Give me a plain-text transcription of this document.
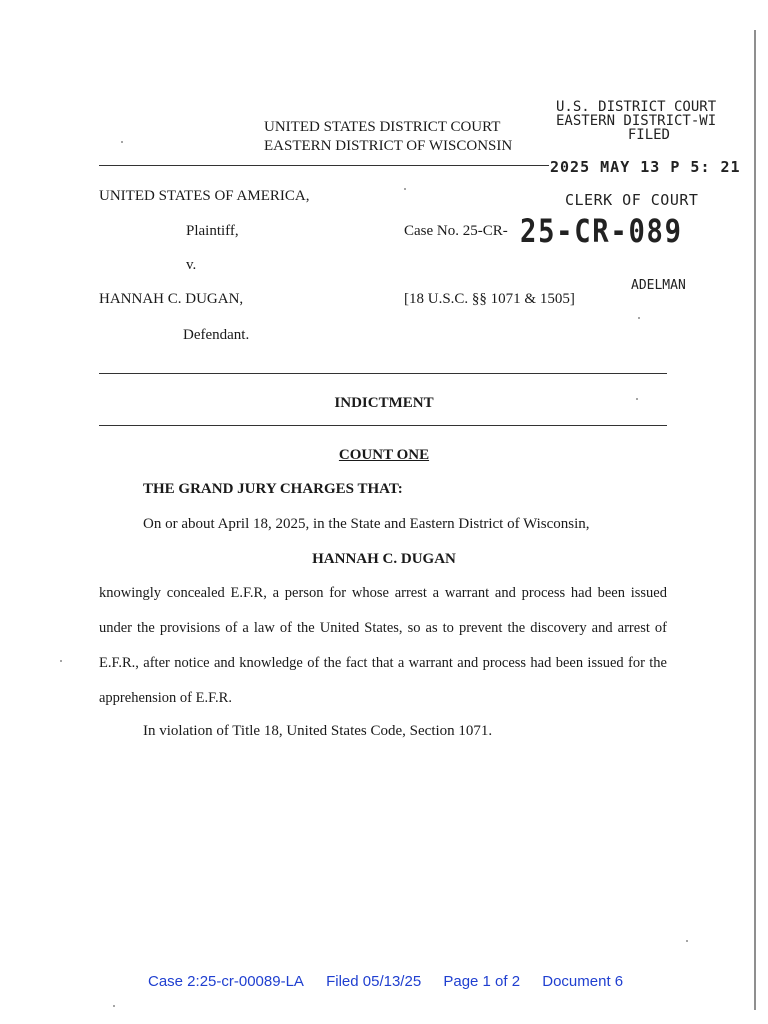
UNITED STATES DISTRICT COURT
EASTERN DISTRICT OF WISCONSIN
U.S. DISTRICT COURT
EASTERN DISTRICT-WI
FILED
2025 MAY 13 P 5: 21
CLERK OF COURT
UNITED STATES OF AMERICA,
Plaintiff,	Case No. 25-CR- 25-CR-089
v.
ADELMAN
HANNAH C. DUGAN,	[18 U.S.C. §§ 1071 & 1505]
Defendant.
INDICTMENT
COUNT ONE
THE GRAND JURY CHARGES THAT:
On or about April 18, 2025, in the State and Eastern District of Wisconsin,
HANNAH C. DUGAN
knowingly concealed E.F.R, a person for whose arrest a warrant and process had been issued under the provisions of a law of the United States, so as to prevent the discovery and arrest of E.F.R., after notice and knowledge of the fact that a warrant and process had been issued for the apprehension of E.F.R.
In violation of Title 18, United States Code, Section 1071.
Case 2:25-cr-00089-LA Filed 05/13/25 Page 1 of 2 Document 6
